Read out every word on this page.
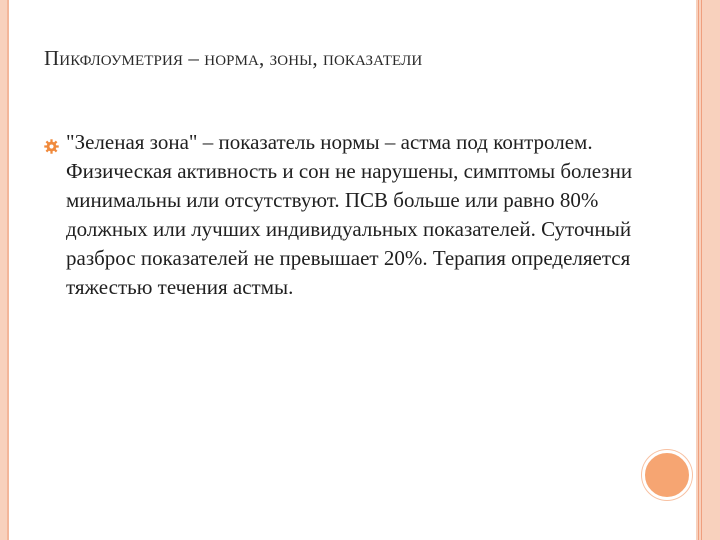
Пикфлоуметрия – норма, зоны, показатели
"Зеленая зона" – показатель нормы – астма под контролем. Физическая активность и сон не нарушены, симптомы болезни минимальны или отсутствуют. ПСВ больше или равно 80% должных или лучших индивидуальных показателей. Суточный разброс показателей не превышает 20%. Терапия определяется тяжестью течения астмы.
